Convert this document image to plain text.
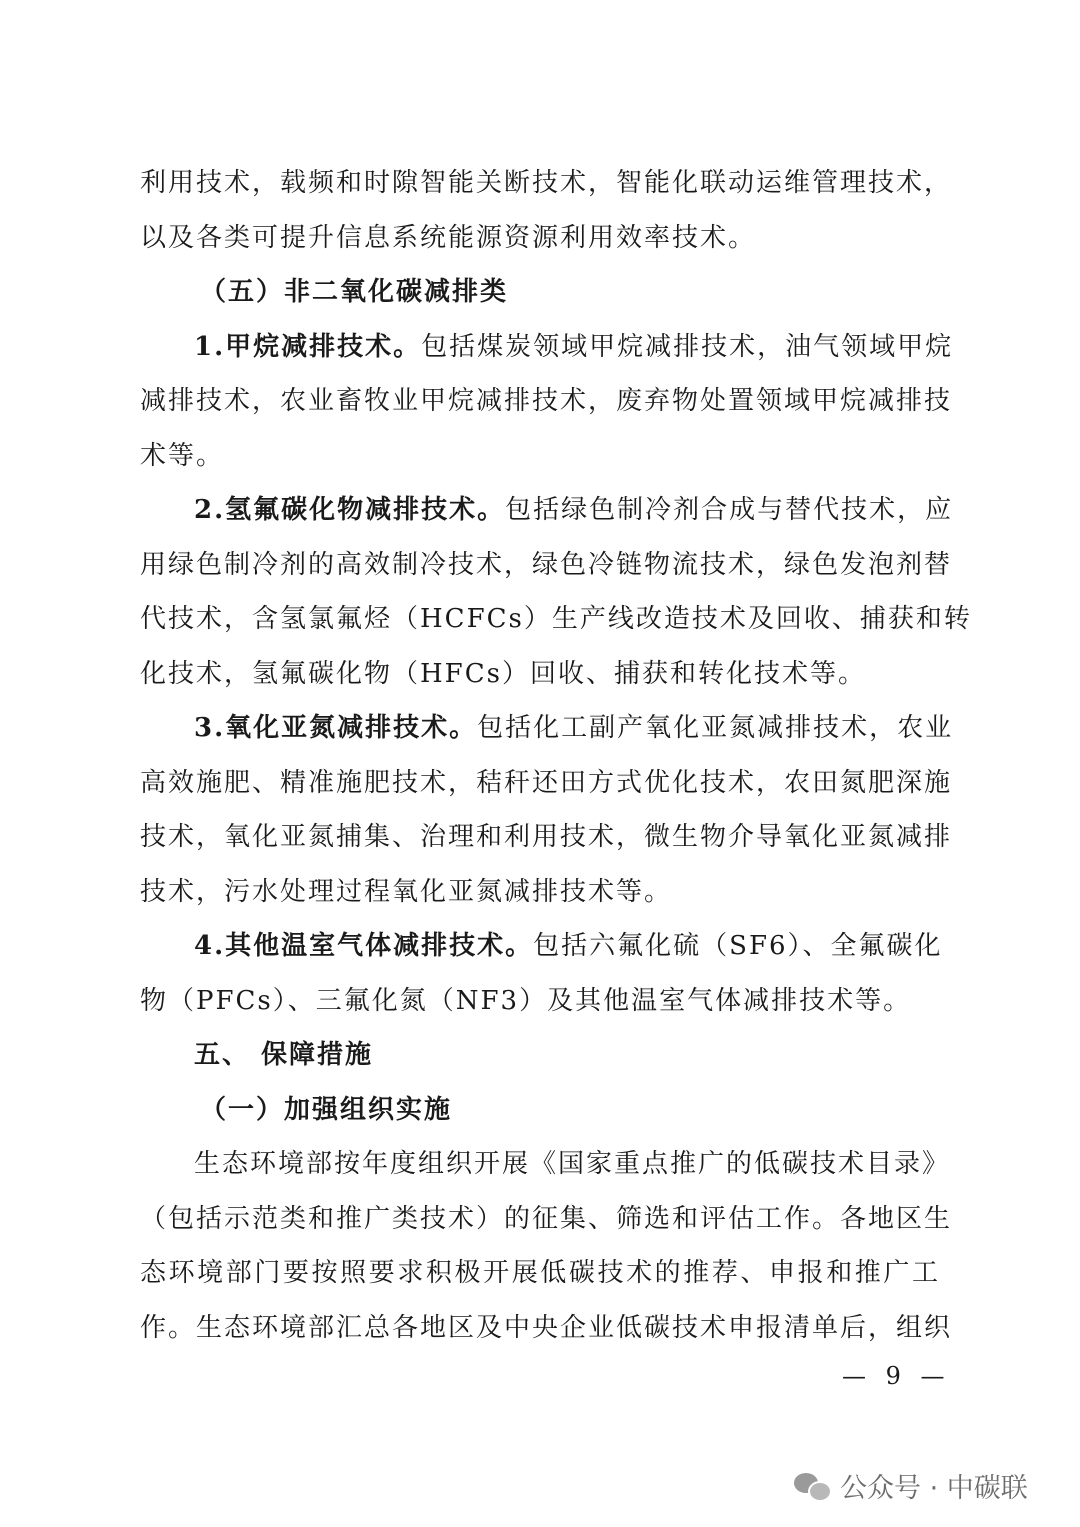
利用技术，载频和时隙智能关断技术，智能化联动运维管理技术，

以及各类可提升信息系统能源资源利用效率技术。

（五）非二氧化碳减排类

1.甲烷减排技术。包括煤炭领域甲烷减排技术，油气领域甲烷

减排技术，农业畜牧业甲烷减排技术，废弃物处置领域甲烷减排技

术等。

2.氢氟碳化物减排技术。包括绿色制冷剂合成与替代技术，应

用绿色制冷剂的高效制冷技术，绿色冷链物流技术，绿色发泡剂替

代技术，含氢氯氟烃（HCFCs）生产线改造技术及回收、捕获和转

化技术，氢氟碳化物（HFCs）回收、捕获和转化技术等。

3.氧化亚氮减排技术。包括化工副产氧化亚氮减排技术，农业

高效施肥、精准施肥技术，秸秆还田方式优化技术，农田氮肥深施

技术，氧化亚氮捕集、治理和利用技术，微生物介导氧化亚氮减排

技术，污水处理过程氧化亚氮减排技术等。

4.其他温室气体减排技术。包括六氟化硫（SF6）、全氟碳化

物（PFCs）、三氟化氮（NF3）及其他温室气体减排技术等。

五、 保障措施

（一）加强组织实施

生态环境部按年度组织开展《国家重点推广的低碳技术目录》

（包括示范类和推广类技术）的征集、筛选和评估工作。各地区生

态环境部门要按照要求积极开展低碳技术的推荐、申报和推广工

作。生态环境部汇总各地区及中央企业低碳技术申报清单后，组织

— 9 —
公众号 · 中碳联
